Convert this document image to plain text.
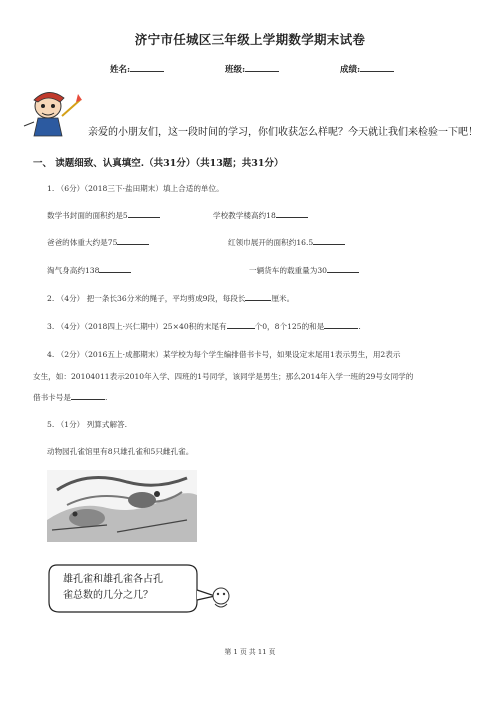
济宁市任城区三年级上学期数学期末试卷
姓名:	班级:	成绩:
亲爱的小朋友们，这一段时间的学习，你们收获怎么样呢？今天就让我们来检验一下吧！
一、 读题细致、认真填空.（共31分）（共13题；共31分）
1. （6分）（2018三下·盐田期末）填上合适的单位。
数学书封面的面积约是5	学校教学楼高约18
爸爸的体重大约是75	红领巾展开的面积约16.5
淘气身高约138	一辆货车的载重量为30
2. （4分） 把一条长36分米的绳子，平均剪成9段，每段长	厘米。
3. （4分）（2018四上·兴仁期中）25×40积的末尾有	个0，8个125的和是	.
4. （2分）（2016五上·成都期末）某学校为每个学生编排借书卡号，如果设定末尾用1表示男生，用2表示
女生，如：20104011表示2010年入学、四班的1号同学，该同学是男生；那么2014年入学一班的29号女同学的
借书卡号是	.
5. （1分） 列算式解答.
动物园孔雀馆里有8只雄孔雀和5只雌孔雀。
雄孔雀和雄孔雀各占孔
雀总数的几分之几？
第 1 页 共 11 页
